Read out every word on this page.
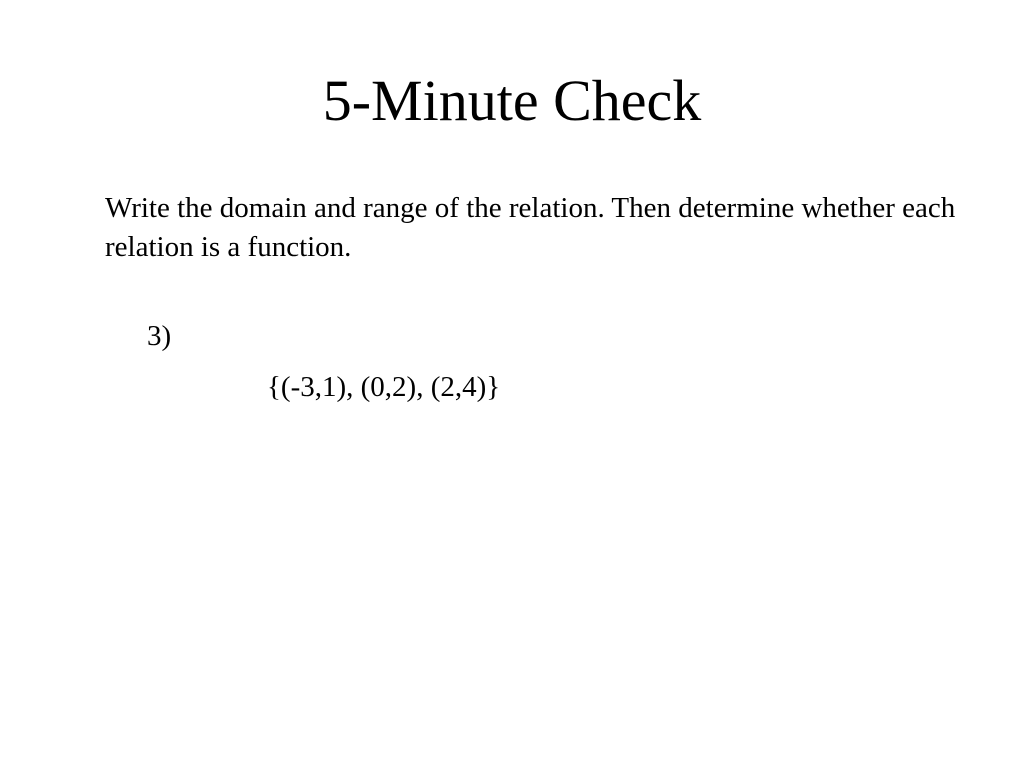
5-Minute Check

Write the domain and range of the relation. Then determine whether each relation is a function.

3)

{(-3,1), (0,2), (2,4)}
